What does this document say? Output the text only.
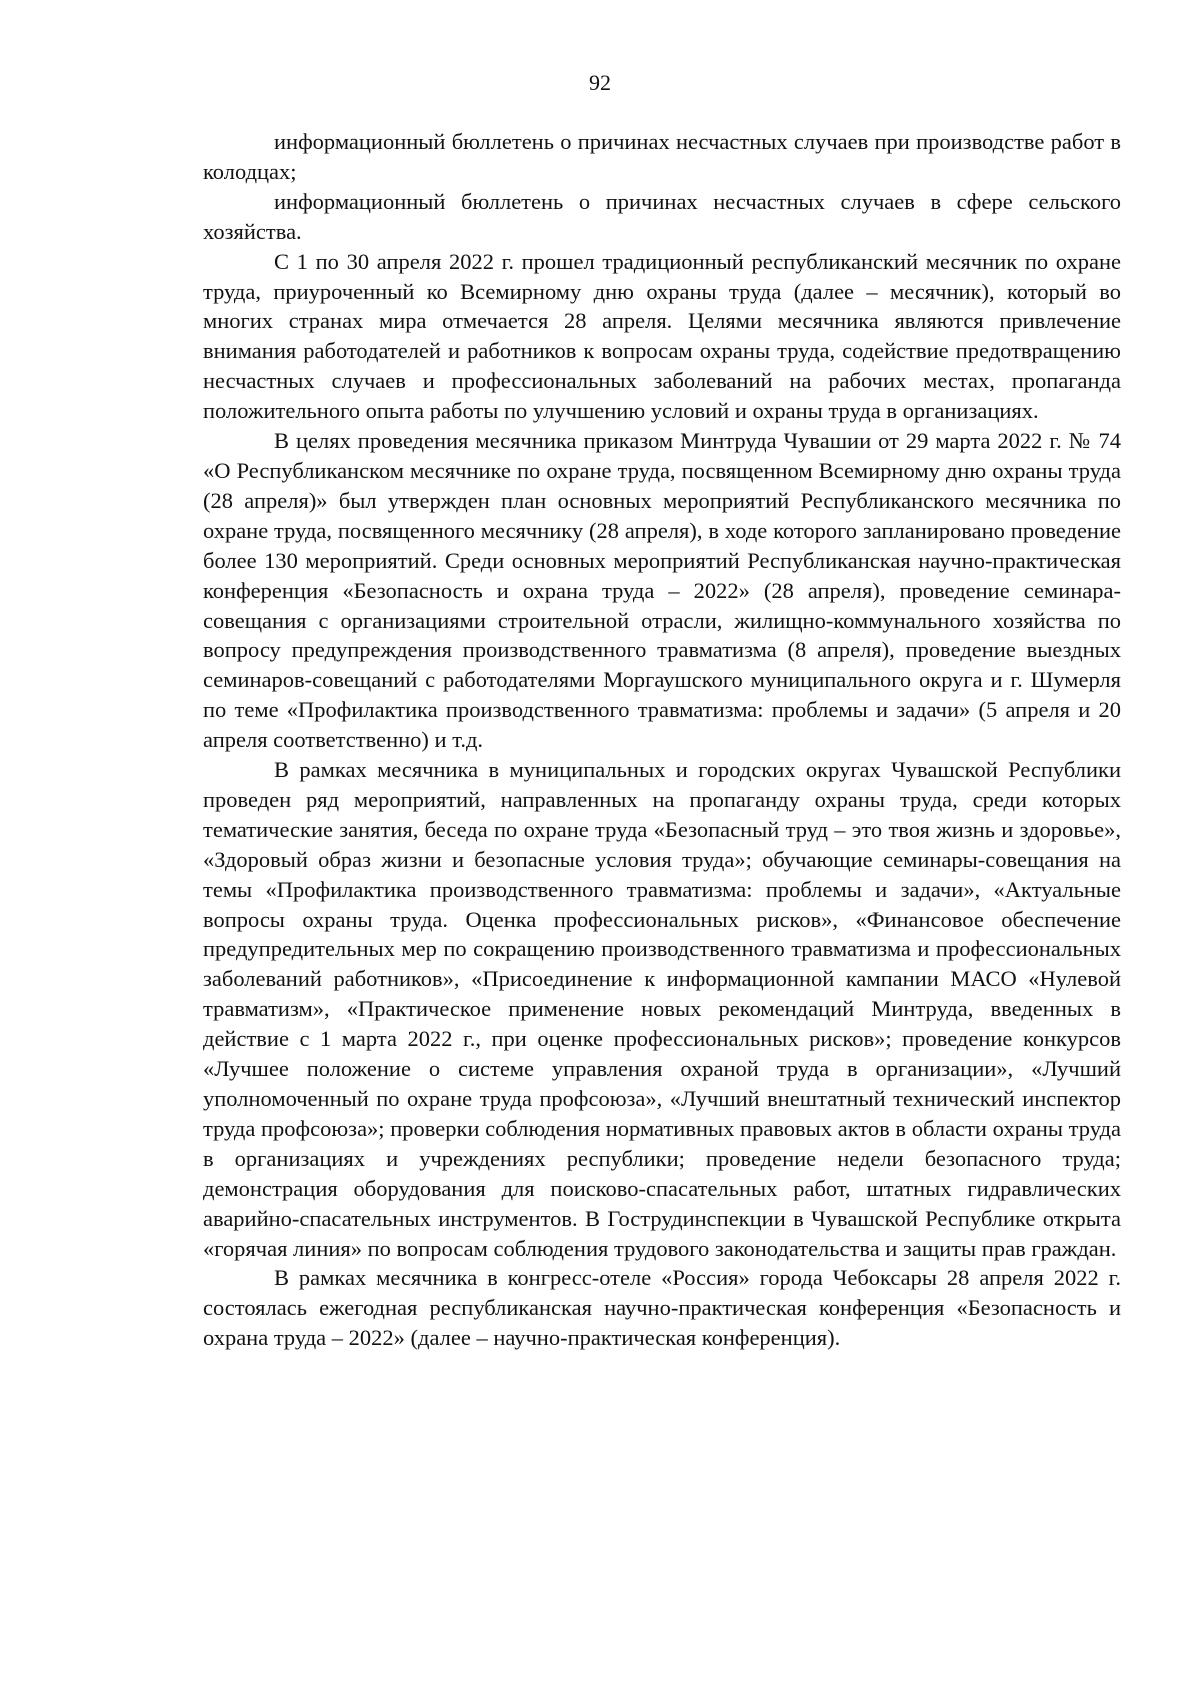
92

информационный бюллетень о причинах несчастных случаев при производстве работ в колодцах;

информационный бюллетень о причинах несчастных случаев в сфере сельского хозяйства.

С 1 по 30 апреля 2022 г. прошел традиционный республиканский месячник по охране труда, приуроченный ко Всемирному дню охраны труда (далее – месячник), который во многих странах мира отмечается 28 апреля. Целями месячника являются привлечение внимания работодателей и работников к вопросам охраны труда, содействие предотвращению несчастных случаев и профессиональных заболеваний на рабочих местах, пропаганда положительного опыта работы по улучшению условий и охраны труда в организациях.

В целях проведения месячника приказом Минтруда Чувашии от 29 марта 2022 г. № 74 «О Республиканском месячнике по охране труда, посвященном Всемирному дню охраны труда (28 апреля)» был утвержден план основных мероприятий Республиканского месячника по охране труда, посвященного месячнику (28 апреля), в ходе которого запланировано проведение более 130 мероприятий. Среди основных мероприятий Республиканская научно-практическая конференция «Безопасность и охрана труда – 2022» (28 апреля), проведение семинара-совещания с организациями строительной отрасли, жилищно-коммунального хозяйства по вопросу предупреждения производственного травматизма (8 апреля), проведение выездных семинаров-совещаний с работодателями Моргаушского муниципального округа и г. Шумерля по теме «Профилактика производственного травматизма: проблемы и задачи» (5 апреля и 20 апреля соответственно) и т.д.

В рамках месячника в муниципальных и городских округах Чувашской Республики проведен ряд мероприятий, направленных на пропаганду охраны труда, среди которых тематические занятия, беседа по охране труда «Безопасный труд – это твоя жизнь и здоровье», «Здоровый образ жизни и безопасные условия труда»; обучающие семинары-совещания на темы «Профилактика производственного травматизма: проблемы и задачи», «Актуальные вопросы охраны труда. Оценка профессиональных рисков», «Финансовое обеспечение предупредительных мер по сокращению производственного травматизма и профессиональных заболеваний работников», «Присоединение к информационной кампании МАСО «Нулевой травматизм», «Практическое применение новых рекомендаций Минтруда, введенных в действие с 1 марта 2022 г., при оценке профессиональных рисков»; проведение конкурсов «Лучшее положение о системе управления охраной труда в организации», «Лучший уполномоченный по охране труда профсоюза», «Лучший внештатный технический инспектор труда профсоюза»; проверки соблюдения нормативных правовых актов в области охраны труда в организациях и учреждениях республики; проведение недели безопасного труда; демонстрация оборудования для поисково-спасательных работ, штатных гидравлических аварийно-спасательных инструментов. В Гострудинспекции в Чувашской Республике открыта «горячая линия» по вопросам соблюдения трудового законодательства и защиты прав граждан.

В рамках месячника в конгресс-отеле «Россия» города Чебоксары 28 апреля 2022 г. состоялась ежегодная республиканская научно-практическая конференция «Безопасность и охрана труда – 2022» (далее – научно-практическая конференция).
